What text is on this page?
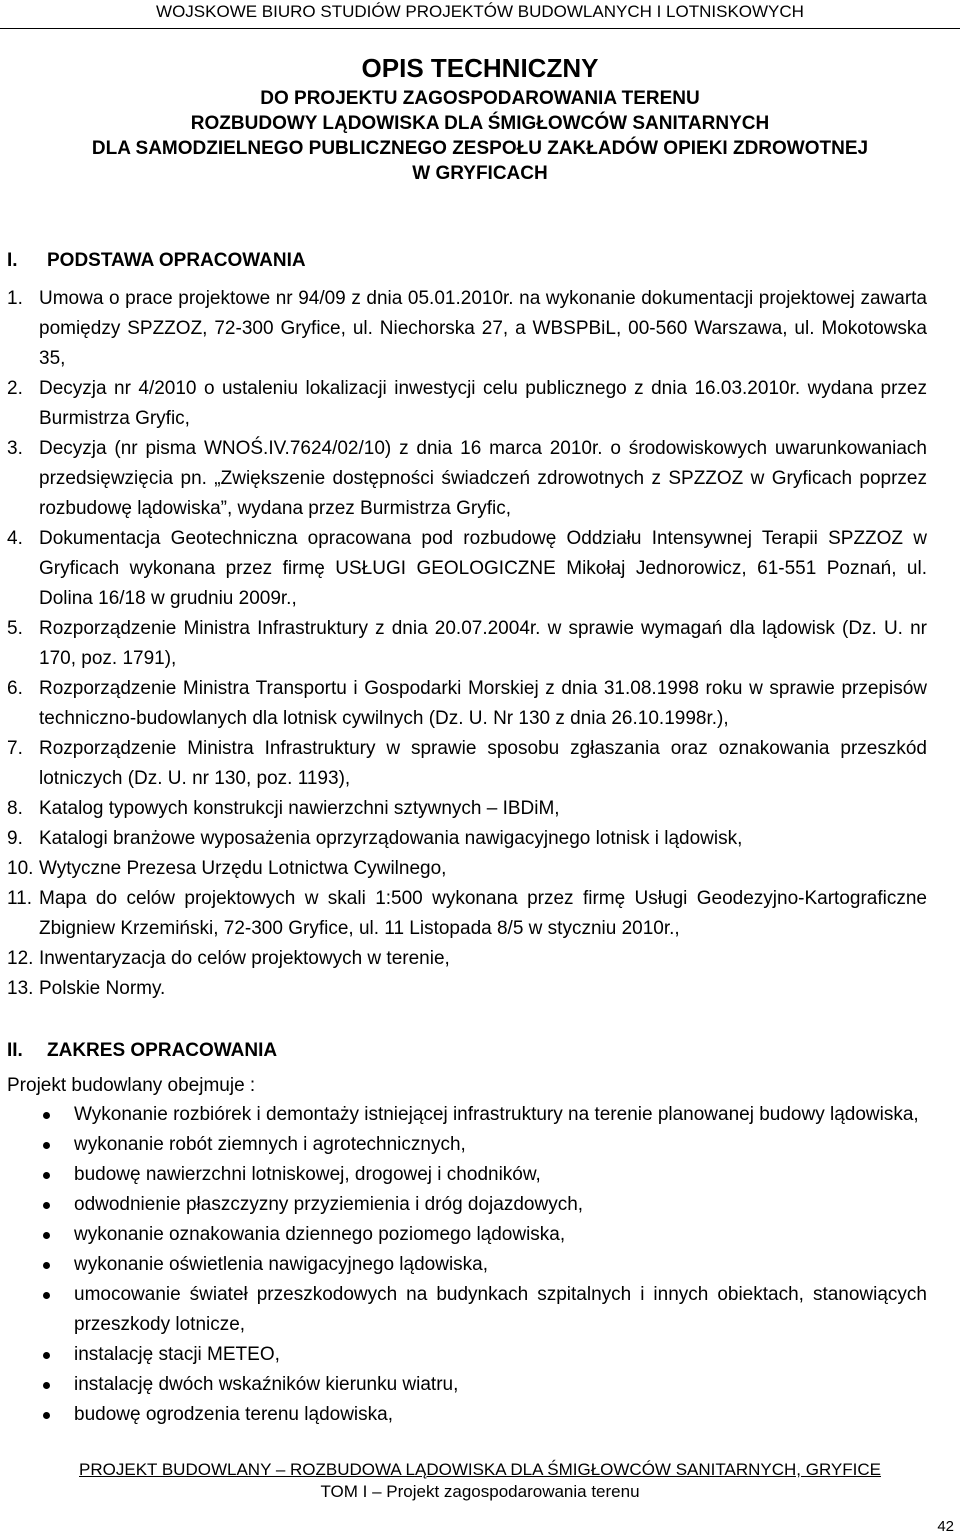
WOJSKOWE BIURO STUDIÓW PROJEKTÓW BUDOWLANYCH I LOTNISKOWYCH
OPIS TECHNICZNY
DO PROJEKTU ZAGOSPODAROWANIA TERENU
ROZBUDOWY LĄDOWISKA DLA ŚMIGŁOWCÓW SANITARNYCH
DLA SAMODZIELNEGO PUBLICZNEGO ZESPOŁU ZAKŁADÓW OPIEKI ZDROWOTNEJ
W GRYFICACH
I. PODSTAWA OPRACOWANIA
1. Umowa o prace projektowe nr 94/09 z dnia 05.01.2010r. na wykonanie dokumentacji projektowej zawarta pomiędzy SPZZOZ, 72-300 Gryfice, ul. Niechorska 27, a WBSPBiL, 00-560 Warszawa, ul. Mokotowska 35,
2. Decyzja nr 4/2010 o ustaleniu lokalizacji inwestycji celu publicznego z dnia 16.03.2010r. wydana przez Burmistrza Gryfic,
3. Decyzja (nr pisma WNOŚ.IV.7624/02/10) z dnia 16 marca 2010r. o środowiskowych uwarunkowaniach przedsięwzięcia pn. „Zwiększenie dostępności świadczeń zdrowotnych z SPZZOZ w Gryficach poprzez rozbudowę lądowiska”, wydana przez Burmistrza Gryfic,
4. Dokumentacja Geotechniczna opracowana pod rozbudowę Oddziału Intensywnej Terapii SPZZOZ w Gryficach wykonana przez firmę USŁUGI GEOLOGICZNE Mikołaj Jednorowicz, 61-551 Poznań, ul. Dolina 16/18 w grudniu 2009r.,
5. Rozporządzenie Ministra Infrastruktury z dnia 20.07.2004r. w sprawie wymagań dla lądowisk (Dz. U. nr 170, poz. 1791),
6. Rozporządzenie Ministra Transportu i Gospodarki Morskiej z dnia 31.08.1998 roku w sprawie przepisów techniczno-budowlanych dla lotnisk cywilnych (Dz. U. Nr 130 z dnia 26.10.1998r.),
7. Rozporządzenie Ministra Infrastruktury w sprawie sposobu zgłaszania oraz oznakowania przeszkód lotniczych (Dz. U. nr 130, poz. 1193),
8. Katalog typowych konstrukcji nawierzchni sztywnych – IBDiM,
9. Katalogi branżowe wyposażenia oprzyrządowania nawigacyjnego lotnisk i lądowisk,
10. Wytyczne Prezesa Urzędu Lotnictwa Cywilnego,
11. Mapa do celów projektowych w skali 1:500 wykonana przez firmę Usługi Geodezyjno-Kartograficzne Zbigniew Krzemiński, 72-300 Gryfice, ul. 11 Listopada 8/5 w styczniu 2010r.,
12. Inwentaryzacja do celów projektowych w terenie,
13. Polskie Normy.
II. ZAKRES OPRACOWANIA
Projekt budowlany obejmuje :
Wykonanie rozbiórek i demontaży istniejącej infrastruktury na terenie planowanej budowy lądowiska,
wykonanie robót ziemnych i agrotechnicznych,
budowę nawierzchni lotniskowej, drogowej i chodników,
odwodnienie płaszczyzny przyziemienia i dróg dojazdowych,
wykonanie oznakowania dziennego poziomego lądowiska,
wykonanie oświetlenia nawigacyjnego lądowiska,
umocowanie świateł przeszkodowych na budynkach szpitalnych i innych obiektach, stanowiących przeszkody lotnicze,
instalację stacji METEO,
instalację dwóch wskaźników kierunku wiatru,
budowę ogrodzenia terenu lądowiska,
PROJEKT BUDOWLANY – ROZBUDOWA LĄDOWISKA DLA ŚMIGŁOWCÓW SANITARNYCH, GRYFICE
TOM I – Projekt zagospodarowania terenu
42
